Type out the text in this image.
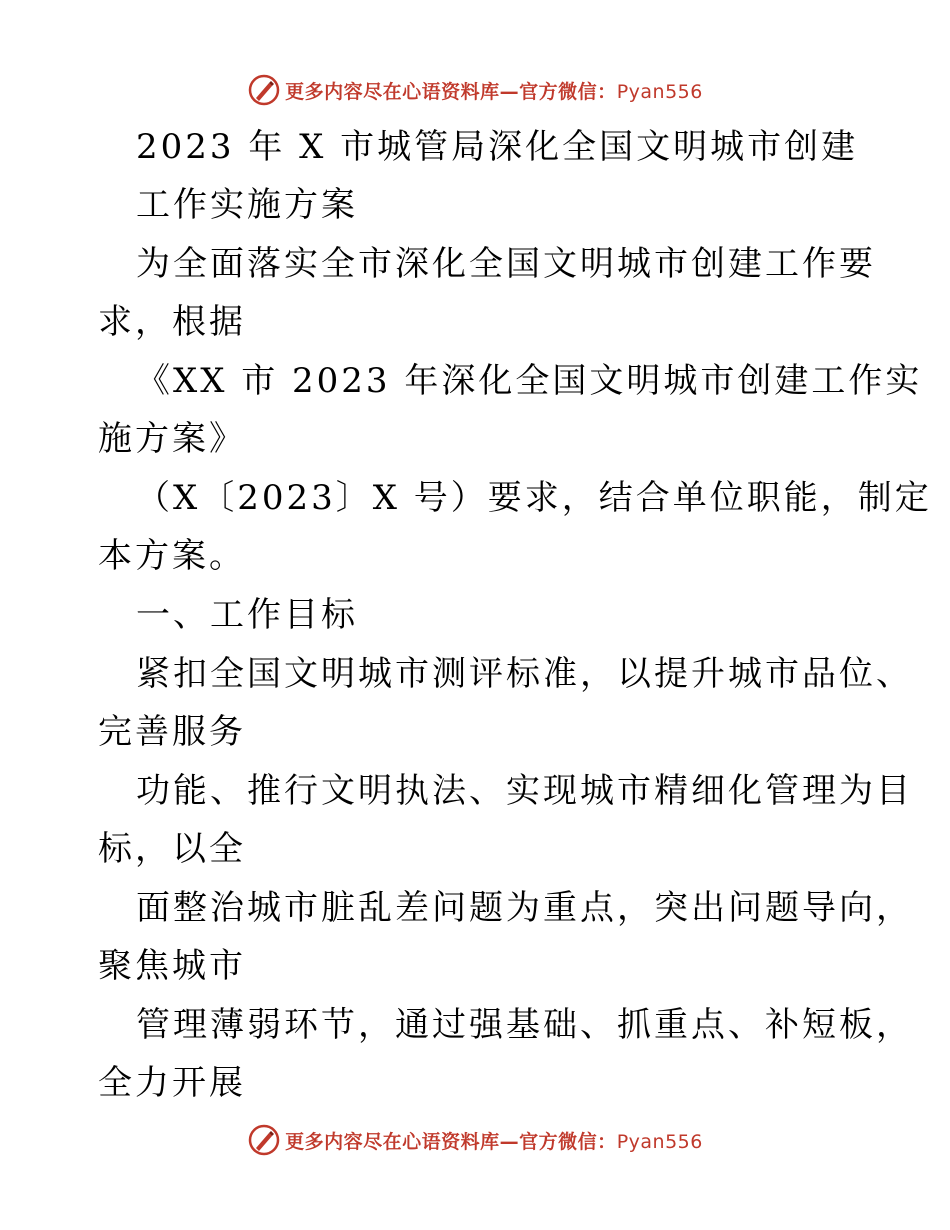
更多内容尽在心语资料库—官方微信：Pyan556
2023 年 X 市城管局深化全国文明城市创建
工作实施方案
为全面落实全市深化全国文明城市创建工作要
求，根据
《XX 市 2023 年深化全国文明城市创建工作实
施方案》
（X〔2023〕X 号）要求，结合单位职能，制定
本方案。
一、工作目标
紧扣全国文明城市测评标准，以提升城市品位、
完善服务
功能、推行文明执法、实现城市精细化管理为目
标，以全
面整治城市脏乱差问题为重点，突出问题导向，
聚焦城市
管理薄弱环节，通过强基础、抓重点、补短板，
全力开展
更多内容尽在心语资料库—官方微信：Pyan556
